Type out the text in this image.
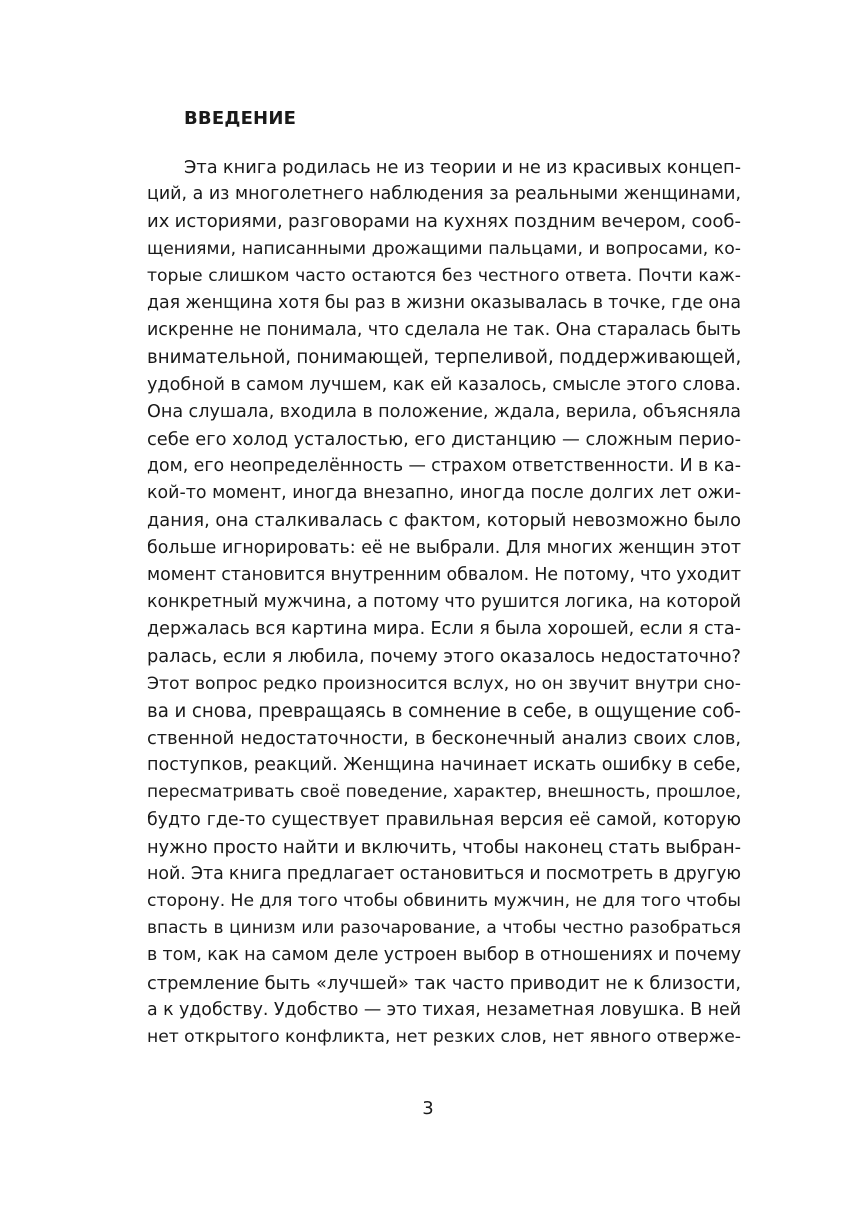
ВВЕДЕНИЕ
Эта книга родилась не из теории и не из красивых концеп-
ций, а из многолетнего наблюдения за реальными женщинами,
их историями, разговорами на кухнях поздним вечером, сооб-
щениями, написанными дрожащими пальцами, и вопросами, ко-
торые слишком часто остаются без честного ответа. Почти каж-
дая женщина хотя бы раз в жизни оказывалась в точке, где она
искренне не понимала, что сделала не так. Она старалась быть
внимательной, понимающей, терпеливой, поддерживающей,
удобной в самом лучшем, как ей казалось, смысле этого слова.
Она слушала, входила в положение, ждала, верила, объясняла
себе его холод усталостью, его дистанцию — сложным перио-
дом, его неопределённость — страхом ответственности. И в ка-
кой-то момент, иногда внезапно, иногда после долгих лет ожи-
дания, она сталкивалась с фактом, который невозможно было
больше игнорировать: её не выбрали. Для многих женщин этот
момент становится внутренним обвалом. Не потому, что уходит
конкретный мужчина, а потому что рушится логика, на которой
держалась вся картина мира. Если я была хорошей, если я ста-
ралась, если я любила, почему этого оказалось недостаточно?
Этот вопрос редко произносится вслух, но он звучит внутри сно-
ва и снова, превращаясь в сомнение в себе, в ощущение соб-
ственной недостаточности, в бесконечный анализ своих слов,
поступков, реакций. Женщина начинает искать ошибку в себе,
пересматривать своё поведение, характер, внешность, прошлое,
будто где-то существует правильная версия её самой, которую
нужно просто найти и включить, чтобы наконец стать выбран-
ной. Эта книга предлагает остановиться и посмотреть в другую
сторону. Не для того чтобы обвинить мужчин, не для того чтобы
впасть в цинизм или разочарование, а чтобы честно разобраться
в том, как на самом деле устроен выбор в отношениях и почему
стремление быть «лучшей» так часто приводит не к близости,
а к удобству. Удобство — это тихая, незаметная ловушка. В ней
нет открытого конфликта, нет резких слов, нет явного отверже-
3
